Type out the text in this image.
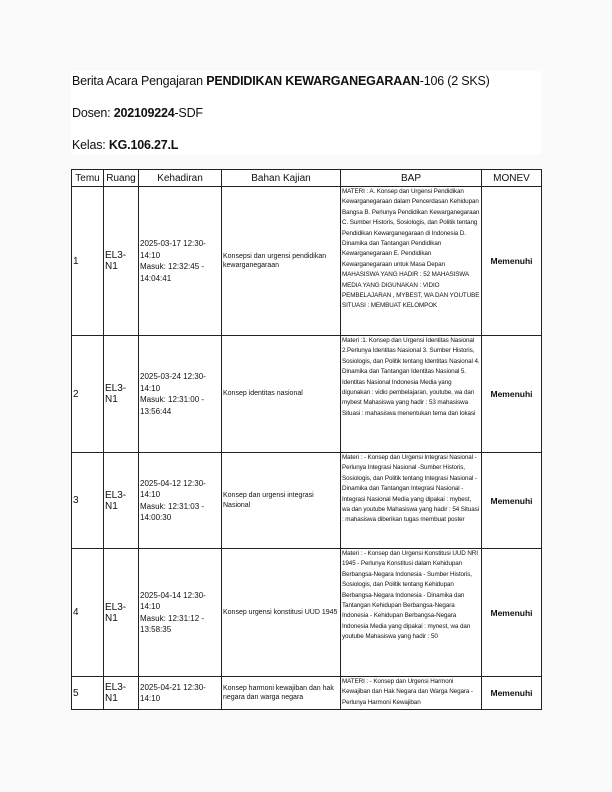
Berita Acara Pengajaran PENDIDIKAN KEWARGANEGARAAN-106 (2 SKS)
Dosen: 202109224-SDF
Kelas: KG.106.27.L
Temu	Ruang	Kehadiran	Bahan Kajian	BAP	MONEV
1	EL3-N1	2025-03-17 12:30-14:10
Masuk: 12:32:45 - 14:04:41	Konsepsi dan urgensi pendidikan kewarganegaraan	MATERI : A. Konsep dan Urgensi Pendidikan Kewarganegaraan dalam Pencerdasan Kehidupan Bangsa B. Perlunya Pendidikan Kewarganegaraan C. Sumber Historis, Sosiologis, dan Politik tentang Pendidikan Kewarganegaraan di Indonesia D. Dinamika dan Tantangan Pendidikan Kewarganegaraan E. Pendidikan Kewarganegaraan untuk Masa Depan MAHASISWA YANG HADIR : 52 MAHASISWA MEDIA YANG DIGUNAKAN : VIDIO PEMBELAJARAN , MYBEST, WA DAN YOUTUBE SITUASI : MEMBUAT KELOMPOK	Memenuhi
2	EL3-N1	2025-03-24 12:30-14:10
Masuk: 12:31:00 - 13:56:44	Konsep identitas nasional	Materi :1. Konsep dan Urgensi Identitas Nasional 2.Perlunya Identitas Nasional 3. Sumber Historis, Sosiologis, dan Politik tentang Identitas Nasional 4. Dinamika dan Tantangan Identitas Nasional 5. Identitas Nasional Indonesia Media yang digunakan : vidio pembelajaran, youtube, wa dan mybest Mahasiswa yang hadir : 53 mahasiswa Situasi : mahasiswa menentukan tema dan lokasi	Memenuhi
3	EL3-N1	2025-04-12 12:30-14:10
Masuk: 12:31:03 - 14:00:30	Konsep dan urgensi integrasi Nasional	Materi : - Konsep dan Urgensi Integrasi Nasional - Perlunya Integrasi Nasional -Sumber Historis, Sosiologis, dan Politik tentang Integrasi Nasional - Dinamika dan Tantangan Integrasi Nasional - Integrasi Nasional Media yang dipakai : mybest, wa dan youtube Mahasiswa yang hadir : 54 Situasi : mahasiswa diberikan tugas membuat poster	Memenuhi
4	EL3-N1	2025-04-14 12:30-14:10
Masuk: 12:31:12 - 13:58:35	Konsep urgensi konstitusi UUD 1945	Materi : - Konsep dan Urgensi Konstitusi UUD NRI 1945 - Perlunya Konstitusi dalam Kehidupan Berbangsa-Negara Indonesia - Sumber Historis, Sosiologis, dan Politik tentang Kehidupan Berbangsa-Negara Indonesia - Dinamika dan Tantangan Kehidupan Berbangsa-Negara Indonesia - Kehidupan Berbangsa-Negara Indonesia Media yang dipakai : mynest, wa dan youtube Mahasiswa yang hadir : 50	Memenuhi
5	EL3-N1	2025-04-21 12:30-14:10	Konsep harmoni kewajiban dan hak negara dan warga negara	MATERI : - Konsep dan Urgensi Harmoni Kewajiban dan Hak Negara dan Warga Negara - Perlunya Harmoni Kewajiban	Memenuhi
